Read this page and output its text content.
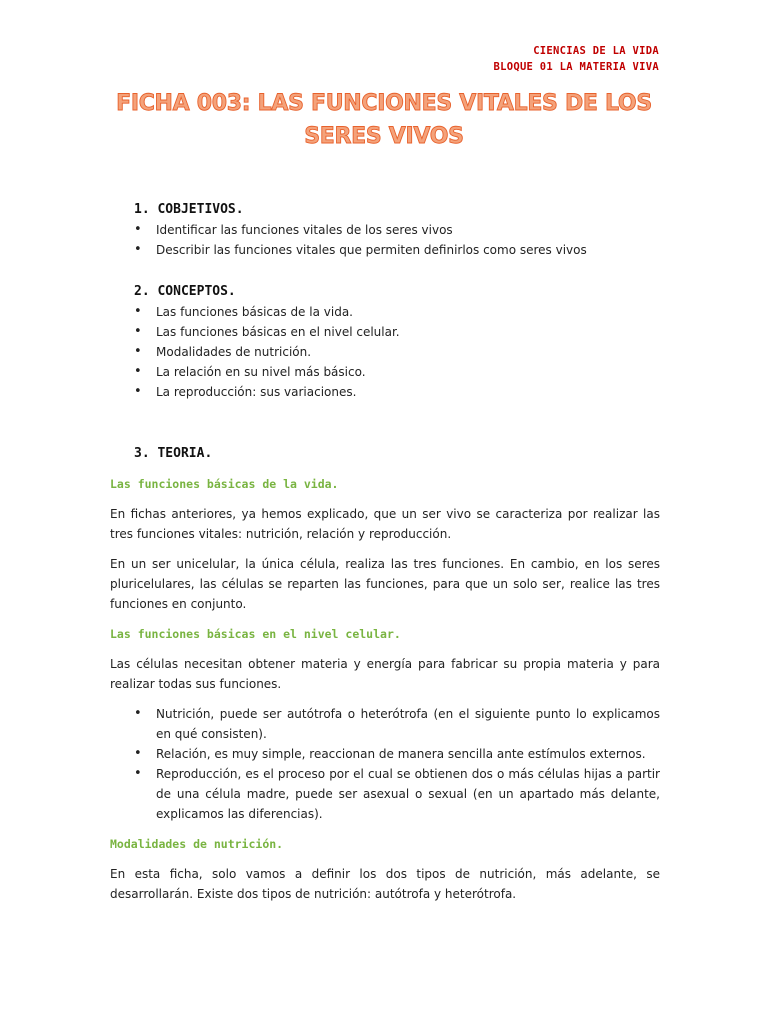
CIENCIAS DE LA VIDA
BLOQUE 01 LA MATERIA VIVA
FICHA 003: LAS FUNCIONES VITALES DE LOS SERES VIVOS
1. COBJETIVOS.
• Identificar las funciones vitales de los seres vivos
• Describir las funciones vitales que permiten definirlos como seres vivos
2. CONCEPTOS.
• Las funciones básicas de la vida.
• Las funciones básicas en el nivel celular.
• Modalidades de nutrición.
• La relación en su nivel más básico.
• La reproducción: sus variaciones.
3. TEORIA.
Las funciones básicas de la vida.

En fichas anteriores, ya hemos explicado, que un ser vivo se caracteriza por realizar las tres funciones vitales: nutrición, relación y reproducción.

En un ser unicelular, la única célula, realiza las tres funciones. En cambio, en los seres pluricelulares, las células se reparten las funciones, para que un solo ser, realice las tres funciones en conjunto.

Las funciones básicas en el nivel celular.

Las células necesitan obtener materia y energía para fabricar su propia materia y para realizar todas sus funciones.

• Nutrición, puede ser autótrofa o heterótrofa (en el siguiente punto lo explicamos en qué consisten).
• Relación, es muy simple, reaccionan de manera sencilla ante estímulos externos.
• Reproducción, es el proceso por el cual se obtienen dos o más células hijas a partir de una célula madre, puede ser asexual o sexual (en un apartado más delante, explicamos las diferencias).
Modalidades de nutrición.

En esta ficha, solo vamos a definir los dos tipos de nutrición, más adelante, se desarrollarán. Existe dos tipos de nutrición: autótrofa y heterótrofa.
